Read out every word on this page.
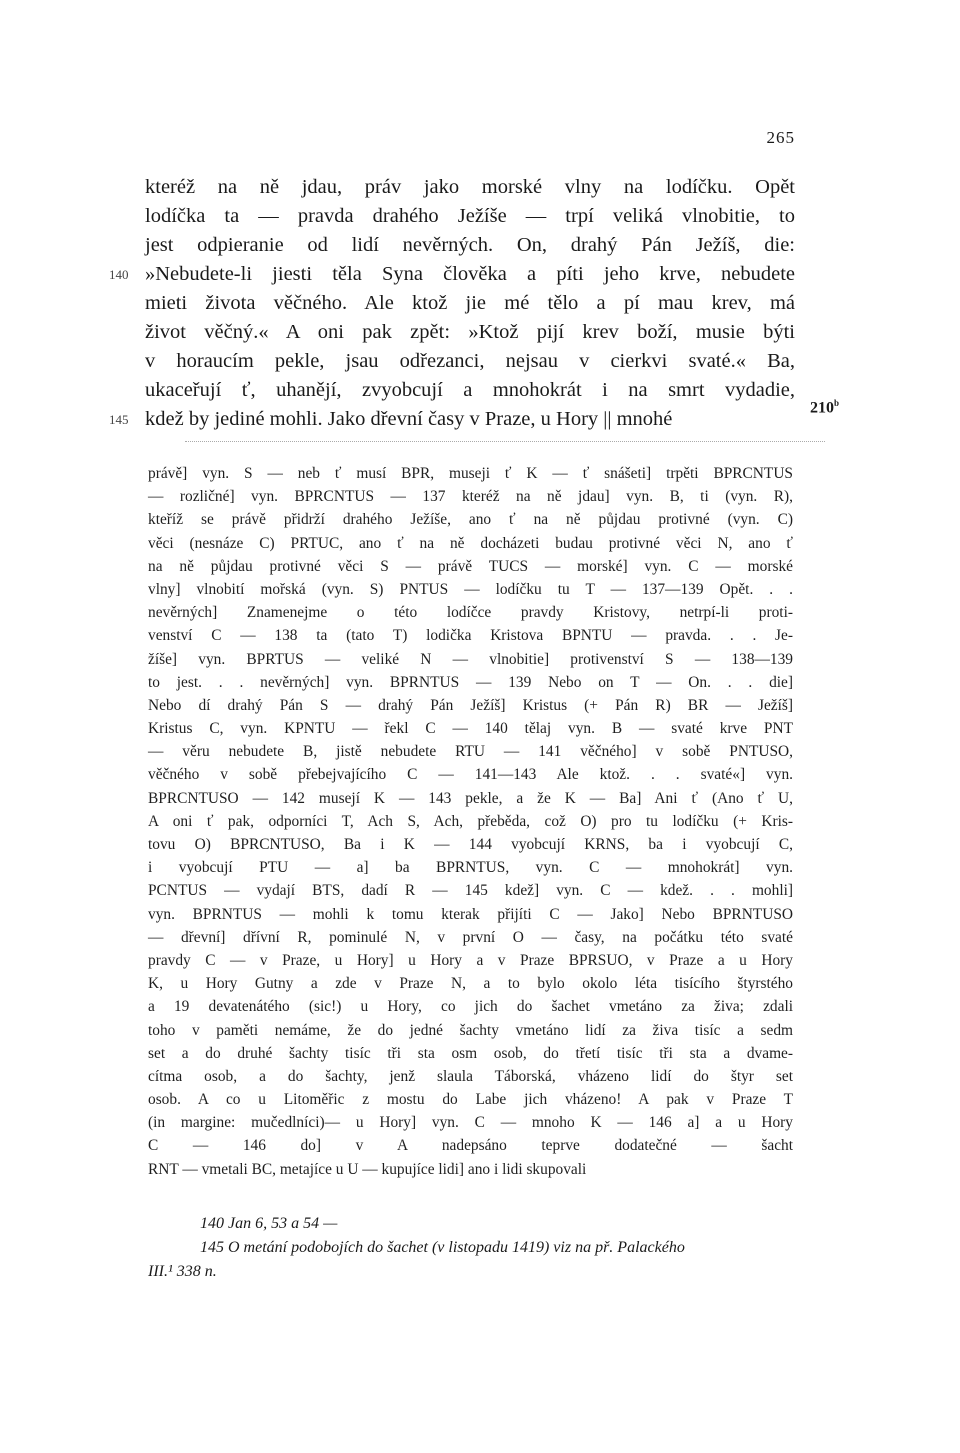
265
kteréž na ně jdau, práv jako morské vlny na lodíčku. Opět
lodíčka ta — pravda drahého Ježíše — trpí veliká vlnobitie, to
jest odpieranie od lidí nevěrných. On, drahý Pán Ježíš, die:
140 »Nebudete-li jiesti těla Syna člověka a píti jeho krve, nebudete
mieti života věčného. Ale ktož jie mé tělo a pí mau krev, má
život věčný.« A oni pak zpět: »Ktož pijí krev boží, musie býti
v horaucím pekle, jsau odřezanci, nejsau v cierkvi svaté.« Ba,
ukaceřují ť, uhanějí, zvyobcují a mnohokrát i na smrt vydadie,
145 kdež by jediné mohli. Jako dřevní časy v Praze, u Hory || mnohé
210$^b$
právě] vyn. S — neb ť musí BPR, museji ť K — ť snášeti] trpěti BPRCNTUS
— rozličné] vyn. BPRCNTUS — 137 kteréž na ně jdau] vyn. B, ti (vyn. R),
kteříž se právě přidrží drahého Ježíše, ano ť na ně půjdau protivné (vyn. C)
věci (nesnáze C) PRTUC, ano ť na ně docházeti budau protivné věci N, ano ť
na ně půjdau protivné věci S — právě TUCS — morské] vyn. C — morské
vlny] vlnobití mořská (vyn. S) PNTUS — lodíčku tu T — 137—139 Opět. . .
nevěrných] Znamenejme o této lodíčce pravdy Kristovy, netrpí-li proti-
venství C — 138 ta (tato T) lodička Kristova BPNTU — pravda. . . Je-
žíše] vyn. BPRTUS — veliké N — vlnobitie] protivenství S — 138—139
to jest. . . nevěrných] vyn. BPRNTUS — 139 Nebo on T — On. . . die]
Nebo dí drahý Pán S — drahý Pán Ježíš] Kristus (+ Pán R) BR — Ježíš]
Kristus C, vyn. KPNTU — řekl C — 140 tělaj vyn. B — svaté krve PNT
— věru nebudete B, jistě nebudete RTU — 141 věčného] v sobě PNTUSO,
věčného v sobě přebejvajícího C — 141—143 Ale ktož. . . svaté«] vyn.
BPRCNTUSO — 142 musejí K — 143 pekle, a že K — Ba] Ani ť (Ano ť U,
A oni ť pak, odporníci T, Ach S, Ach, přeběda, což O) pro tu lodíčku (+ Kris-
tovu O) BPRCNTUSO, Ba i K — 144 vyobcují KRNS, ba i vyobcují C,
i vyobcují PTU — a] ba BPRNTUS, vyn. C — mnohokrát] vyn.
PCNTUS — vydají BTS, dadí R — 145 kdež] vyn. C — kdež. . . mohli]
vyn. BPRNTUS — mohli k tomu kterak přijíti C — Jako] Nebo BPRNTUSO
— dřevní] dřívní R, pominulé N, v první O — časy, na počátku této svaté
pravdy C — v Praze, u Hory] u Hory a v Praze BPRSUO, v Praze a u Hory
K, u Hory Gutny a zde v Praze N, a to bylo okolo léta tisícího štyrstého
a 19 devatenátého (sic!) u Hory, co jich do šachet vmetáno za živa; zdali
toho v paměti nemáme, že do jedné šachty vmetáno lidí za živa tisíc a sedm
set a do druhé šachty tisíc tři sta osm osob, do třetí tisíc tři sta a dvame-
cítma osob, a do šachty, jenž slaula Táborská, vházeno lidí do štyr set
osob. A co u Litoměřic z mostu do Labe jich vházeno! A pak v Praze T
(in margine: mučedlníci)— u Hory] vyn. C — mnoho K — 146 a] a u Hory
C — 146 do] v A nadepsáno teprve dodatečné — šacht
RNT — vmetali BC, metajíce u U — kupujíce lidi] ano i lidi skupovali
140 Jan 6, 53 a 54 —
145 O metání podobojích do šachet (v listopadu 1419) viz na př. Palackého
III.¹ 338 n.
